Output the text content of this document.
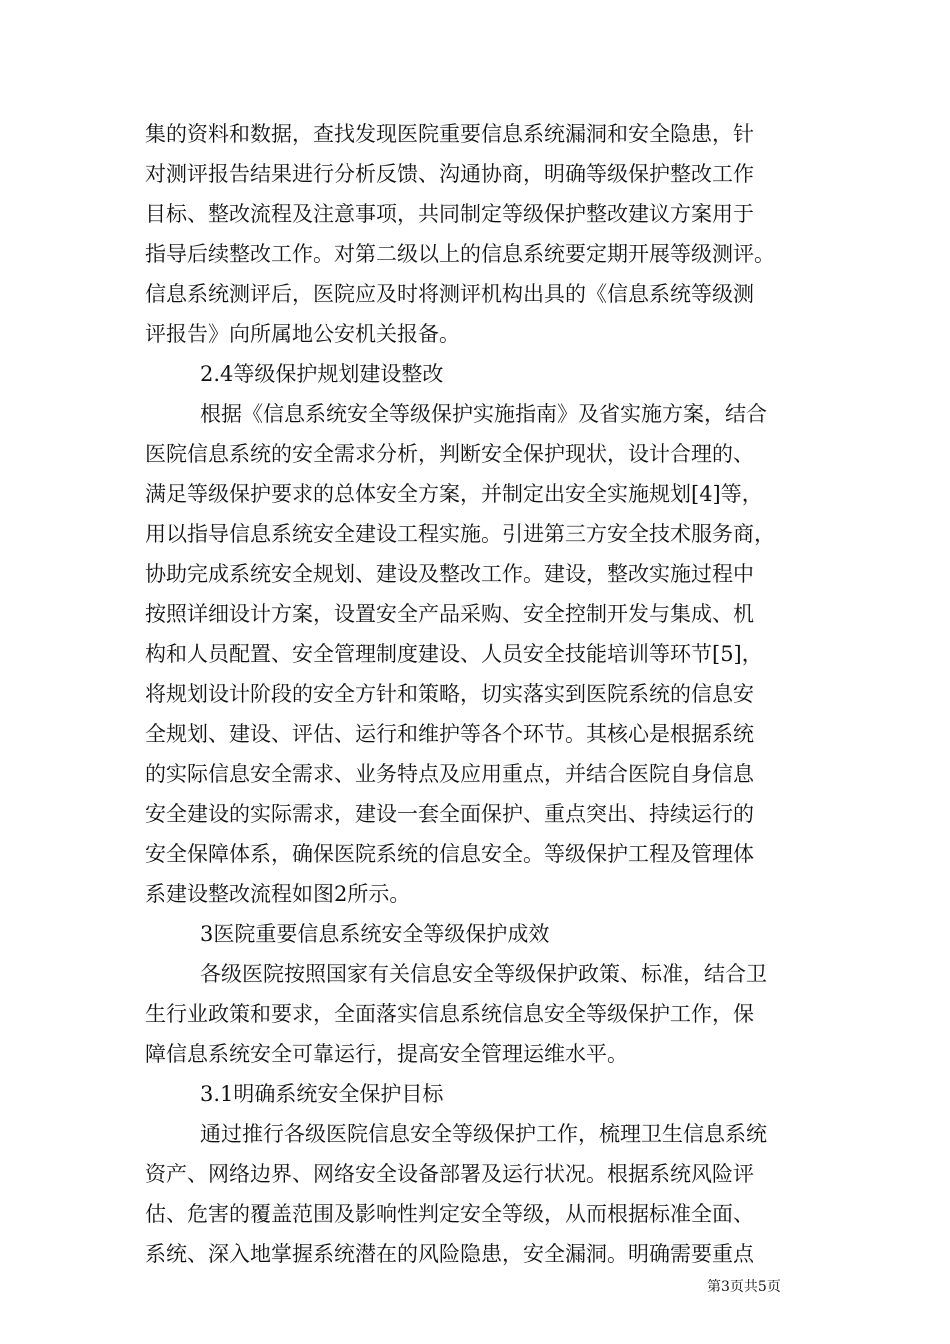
集的资料和数据，查找发现医院重要信息系统漏洞和安全隐患，针
对测评报告结果进行分析反馈、沟通协商，明确等级保护整改工作
目标、整改流程及注意事项，共同制定等级保护整改建议方案用于
指导后续整改工作。对第二级以上的信息系统要定期开展等级测评。
信息系统测评后，医院应及时将测评机构出具的《信息系统等级测
评报告》向所属地公安机关报备。
2.4等级保护规划建设整改
根据《信息系统安全等级保护实施指南》及省实施方案，结合
医院信息系统的安全需求分析，判断安全保护现状，设计合理的、
满足等级保护要求的总体安全方案，并制定出安全实施规划[4]等，
用以指导信息系统安全建设工程实施。引进第三方安全技术服务商，
协助完成系统安全规划、建设及整改工作。建设，整改实施过程中
按照详细设计方案，设置安全产品采购、安全控制开发与集成、机
构和人员配置、安全管理制度建设、人员安全技能培训等环节[5]，
将规划设计阶段的安全方针和策略，切实落实到医院系统的信息安
全规划、建设、评估、运行和维护等各个环节。其核心是根据系统
的实际信息安全需求、业务特点及应用重点，并结合医院自身信息
安全建设的实际需求，建设一套全面保护、重点突出、持续运行的
安全保障体系，确保医院系统的信息安全。等级保护工程及管理体
系建设整改流程如图2所示。
3医院重要信息系统安全等级保护成效
各级医院按照国家有关信息安全等级保护政策、标准，结合卫
生行业政策和要求，全面落实信息系统信息安全等级保护工作，保
障信息系统安全可靠运行，提高安全管理运维水平。
3.1明确系统安全保护目标
通过推行各级医院信息安全等级保护工作，梳理卫生信息系统
资产、网络边界、网络安全设备部署及运行状况。根据系统风险评
估、危害的覆盖范围及影响性判定安全等级，从而根据标准全面、
系统、深入地掌握系统潜在的风险隐患，安全漏洞。明确需要重点
第3页共5页
